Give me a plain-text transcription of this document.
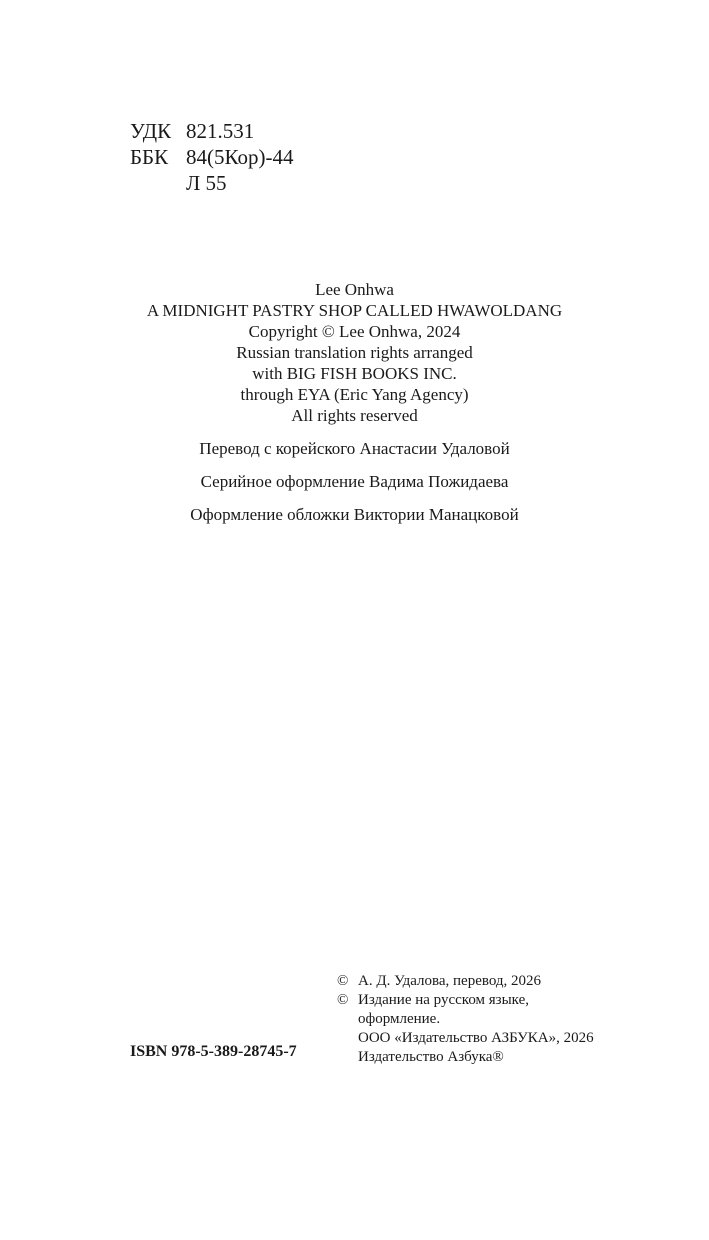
УДК 821.531
ББК 84(5Кор)-44
Л 55
Lee Onhwa
A MIDNIGHT PASTRY SHOP CALLED HWAWOLDANG
Copyright © Lee Onhwa, 2024
Russian translation rights arranged
with BIG FISH BOOKS INC.
through EYA (Eric Yang Agency)
All rights reserved
Перевод с корейского Анастасии Удаловой
Серийное оформление Вадима Пожидаева
Оформление обложки Виктории Манацковой
© А. Д. Удалова, перевод, 2026
© Издание на русском языке,
оформление.
ООО «Издательство АЗБУКА», 2026
Издательство Азбука®
ISBN 978-5-389-28745-7
